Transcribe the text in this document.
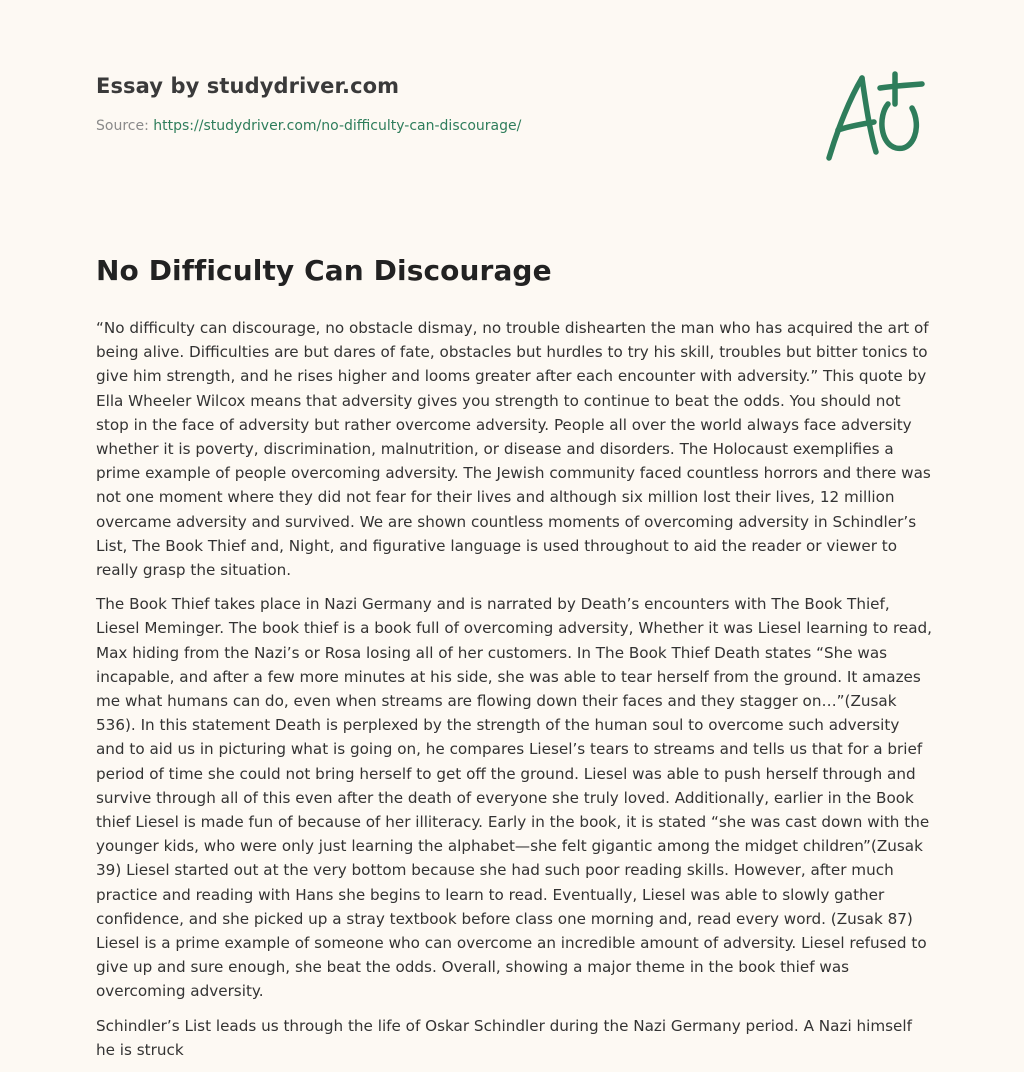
Essay by studydriver.com
Source: https://studydriver.com/no-difficulty-can-discourage/
No Difficulty Can Discourage

“No difficulty can discourage, no obstacle dismay, no trouble dishearten the man who has acquired the art of being alive. Difficulties are but dares of fate, obstacles but hurdles to try his skill, troubles but bitter tonics to give him strength, and he rises higher and looms greater after each encounter with adversity.” This quote by Ella Wheeler Wilcox means that adversity gives you strength to continue to beat the odds. You should not stop in the face of adversity but rather overcome adversity. People all over the world always face adversity whether it is poverty, discrimination, malnutrition, or disease and disorders. The Holocaust exemplifies a prime example of people overcoming adversity. The Jewish community faced countless horrors and there was not one moment where they did not fear for their lives and although six million lost their lives, 12 million overcame adversity and survived. We are shown countless moments of overcoming adversity in Schindler’s List, The Book Thief and, Night, and figurative language is used throughout to aid the reader or viewer to really grasp the situation.

The Book Thief takes place in Nazi Germany and is narrated by Death’s encounters with The Book Thief, Liesel Meminger. The book thief is a book full of overcoming adversity, Whether it was Liesel learning to read, Max hiding from the Nazi’s or Rosa losing all of her customers. In The Book Thief Death states “She was incapable, and after a few more minutes at his side, she was able to tear herself from the ground. It amazes me what humans can do, even when streams are flowing down their faces and they stagger on…”(Zusak 536). In this statement Death is perplexed by the strength of the human soul to overcome such adversity and to aid us in picturing what is going on, he compares Liesel’s tears to streams and tells us that for a brief period of time she could not bring herself to get off the ground. Liesel was able to push herself through and survive through all of this even after the death of everyone she truly loved. Additionally, earlier in the Book thief Liesel is made fun of because of her illiteracy. Early in the book, it is stated “she was cast down with the younger kids, who were only just learning the alphabet—she felt gigantic among the midget children”(Zusak 39) Liesel started out at the very bottom because she had such poor reading skills. However, after much practice and reading with Hans she begins to learn to read. Eventually, Liesel was able to slowly gather confidence, and she picked up a stray textbook before class one morning and, read every word. (Zusak 87) Liesel is a prime example of someone who can overcome an incredible amount of adversity. Liesel refused to give up and sure enough, she beat the odds. Overall, showing a major theme in the book thief was overcoming adversity.

Schindler’s List leads us through the life of Oskar Schindler during the Nazi Germany period. A Nazi himself he is struck
